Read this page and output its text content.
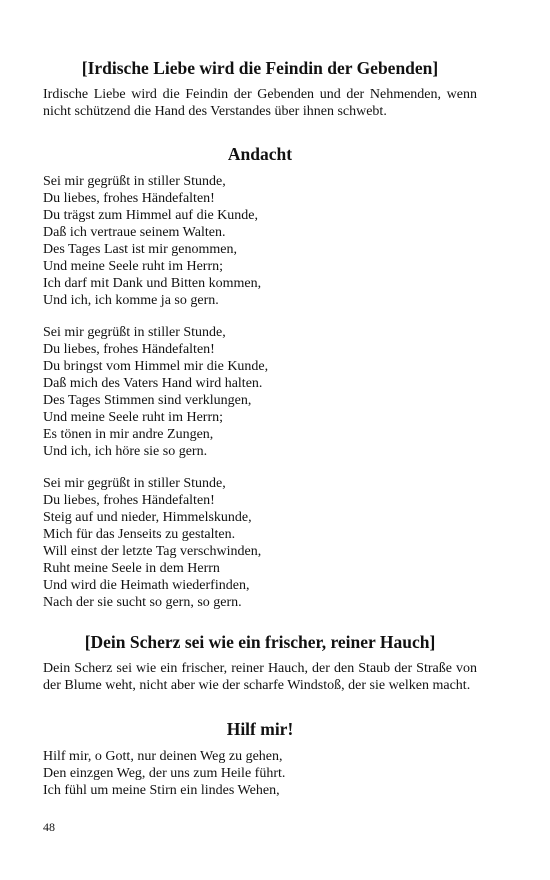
[Irdische Liebe wird die Feindin der Gebenden]

Irdische Liebe wird die Feindin der Gebenden und der Nehmenden, wenn nicht schützend die Hand des Verstandes über ihnen schwebt.

Andacht
Sei mir gegrüßt in stiller Stunde,
Du liebes, frohes Händefalten!
Du trägst zum Himmel auf die Kunde,
Daß ich vertraue seinem Walten.
Des Tages Last ist mir genommen,
Und meine Seele ruht im Herrn;
Ich darf mit Dank und Bitten kommen,
Und ich, ich komme ja so gern.
Sei mir gegrüßt in stiller Stunde,
Du liebes, frohes Händefalten!
Du bringst vom Himmel mir die Kunde,
Daß mich des Vaters Hand wird halten.
Des Tages Stimmen sind verklungen,
Und meine Seele ruht im Herrn;
Es tönen in mir andre Zungen,
Und ich, ich höre sie so gern.
Sei mir gegrüßt in stiller Stunde,
Du liebes, frohes Händefalten!
Steig auf und nieder, Himmelskunde,
Mich für das Jenseits zu gestalten.
Will einst der letzte Tag verschwinden,
Ruht meine Seele in dem Herrn
Und wird die Heimath wiederfinden,
Nach der sie sucht so gern, so gern.
[Dein Scherz sei wie ein frischer, reiner Hauch]

Dein Scherz sei wie ein frischer, reiner Hauch, der den Staub der Straße von der Blume weht, nicht aber wie der scharfe Windstoß, der sie welken macht.

Hilf mir!
Hilf mir, o Gott, nur deinen Weg zu gehen,
Den einzgen Weg, der uns zum Heile führt.
Ich fühl um meine Stirn ein lindes Wehen,
48
